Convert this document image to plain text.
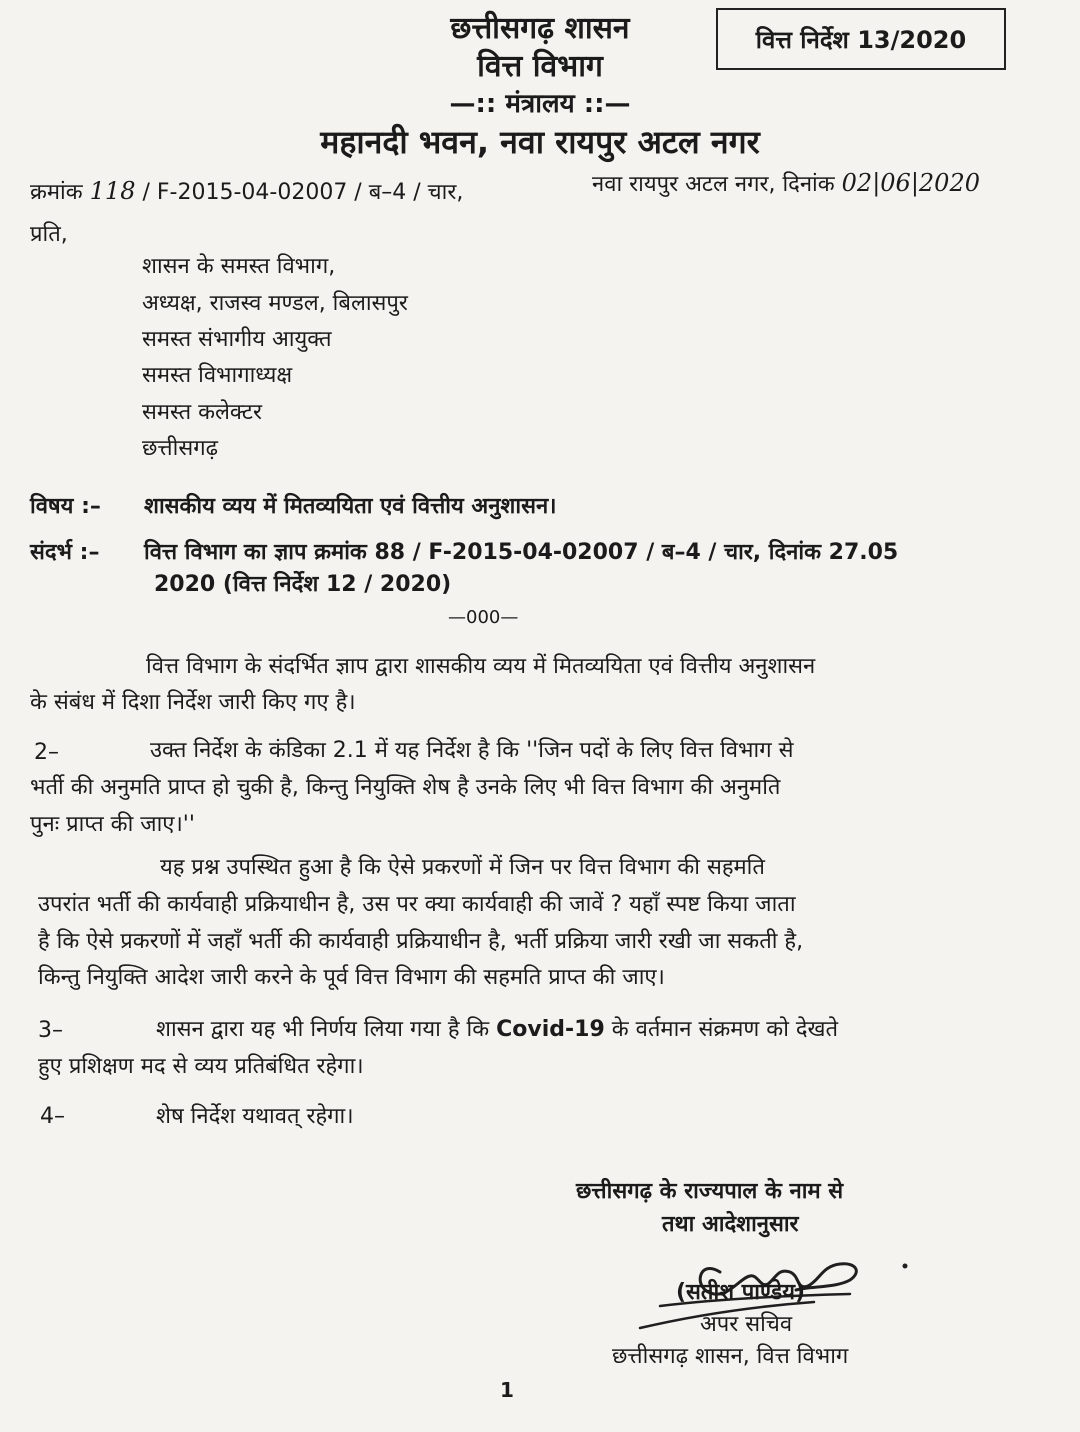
छत्तीसगढ़ शासन
वित्त विभाग
—:: मंत्रालय ::—
महानदी भवन, नवा रायपुर अटल नगर
वित्त निर्देश 13/2020
क्रमांक 118 / F-2015-04-02007 / ब–4 / चार,	नवा रायपुर अटल नगर, दिनांक 02|06|2020
प्रति,
शासन के समस्त विभाग,
अध्यक्ष, राजस्व मण्डल, बिलासपुर
समस्त संभागीय आयुक्त
समस्त विभागाध्यक्ष
समस्त कलेक्टर
छत्तीसगढ़
विषय :– शासकीय व्यय में मितव्ययिता एवं वित्तीय अनुशासन।
संदर्भ :– वित्त विभाग का ज्ञाप क्रमांक 88 / F-2015-04-02007 / ब–4 / चार, दिनांक 27.05
2020 (वित्त निर्देश 12 / 2020)
—000—
वित्त विभाग के संदर्भित ज्ञाप द्वारा शासकीय व्यय में मितव्ययिता एवं वित्तीय अनुशासन
के संबंध में दिशा निर्देश जारी किए गए है।
2–	उक्त निर्देश के कंडिका 2.1 में यह निर्देश है कि ''जिन पदों के लिए वित्त विभाग से
भर्ती की अनुमति प्राप्त हो चुकी है, किन्तु नियुक्ति शेष है उनके लिए भी वित्त विभाग की अनुमति
पुनः प्राप्त की जाए।''
यह प्रश्न उपस्थित हुआ है कि ऐसे प्रकरणों में जिन पर वित्त विभाग की सहमति
उपरांत भर्ती की कार्यवाही प्रक्रियाधीन है, उस पर क्या कार्यवाही की जावें ? यहाँ स्पष्ट किया जाता
है कि ऐसे प्रकरणों में जहाँ भर्ती की कार्यवाही प्रक्रियाधीन है, भर्ती प्रक्रिया जारी रखी जा सकती है,
किन्तु नियुक्ति आदेश जारी करने के पूर्व वित्त विभाग की सहमति प्राप्त की जाए।
3–	शासन द्वारा यह भी निर्णय लिया गया है कि Covid-19 के वर्तमान संक्रमण को देखते
हुए प्रशिक्षण मद से व्यय प्रतिबंधित रहेगा।
4–	शेष निर्देश यथावत् रहेगा।
छत्तीसगढ़ के राज्यपाल के नाम से
तथा आदेशानुसार
(सतीश पाण्डेय)
अपर सचिव
छत्तीसगढ़ शासन, वित्त विभाग
1
